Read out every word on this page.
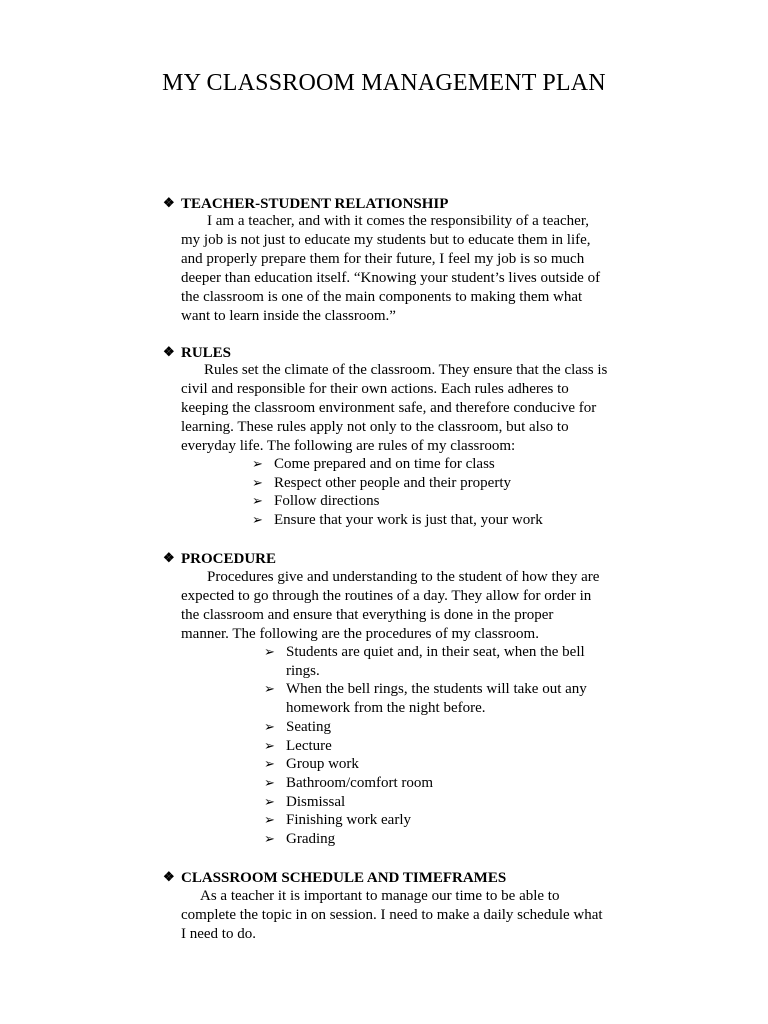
MY CLASSROOM MANAGEMENT PLAN
❖ TEACHER-STUDENT RELATIONSHIP
I am a teacher, and with it comes the responsibility of a teacher,
my job is not just to educate my students but to educate them in life,
and properly prepare them for their future, I feel my job is so much
deeper than education itself. “Knowing your student’s lives outside of
the classroom is one of the main components to making them what
want to learn inside the classroom.”
❖ RULES
Rules set the climate of the classroom. They ensure that the class is
civil and responsible for their own actions. Each rules adheres to
keeping the classroom environment safe, and therefore conducive for
learning. These rules apply not only to the classroom, but also to
everyday life. The following are rules of my classroom:
➢ Come prepared and on time for class
➢ Respect other people and their property
➢ Follow directions
➢ Ensure that your work is just that, your work
❖ PROCEDURE
Procedures give and understanding to the student of how they are
expected to go through the routines of a day. They allow for order in
the classroom and ensure that everything is done in the proper
manner. The following are the procedures of my classroom.
➢ Students are quiet and, in their seat, when the bell
rings.
➢ When the bell rings, the students will take out any
homework from the night before.
➢ Seating
➢ Lecture
➢ Group work
➢ Bathroom/comfort room
➢ Dismissal
➢ Finishing work early
➢ Grading
❖ CLASSROOM SCHEDULE AND TIMEFRAMES
As a teacher it is important to manage our time to be able to
complete the topic in on session. I need to make a daily schedule what
I need to do.
